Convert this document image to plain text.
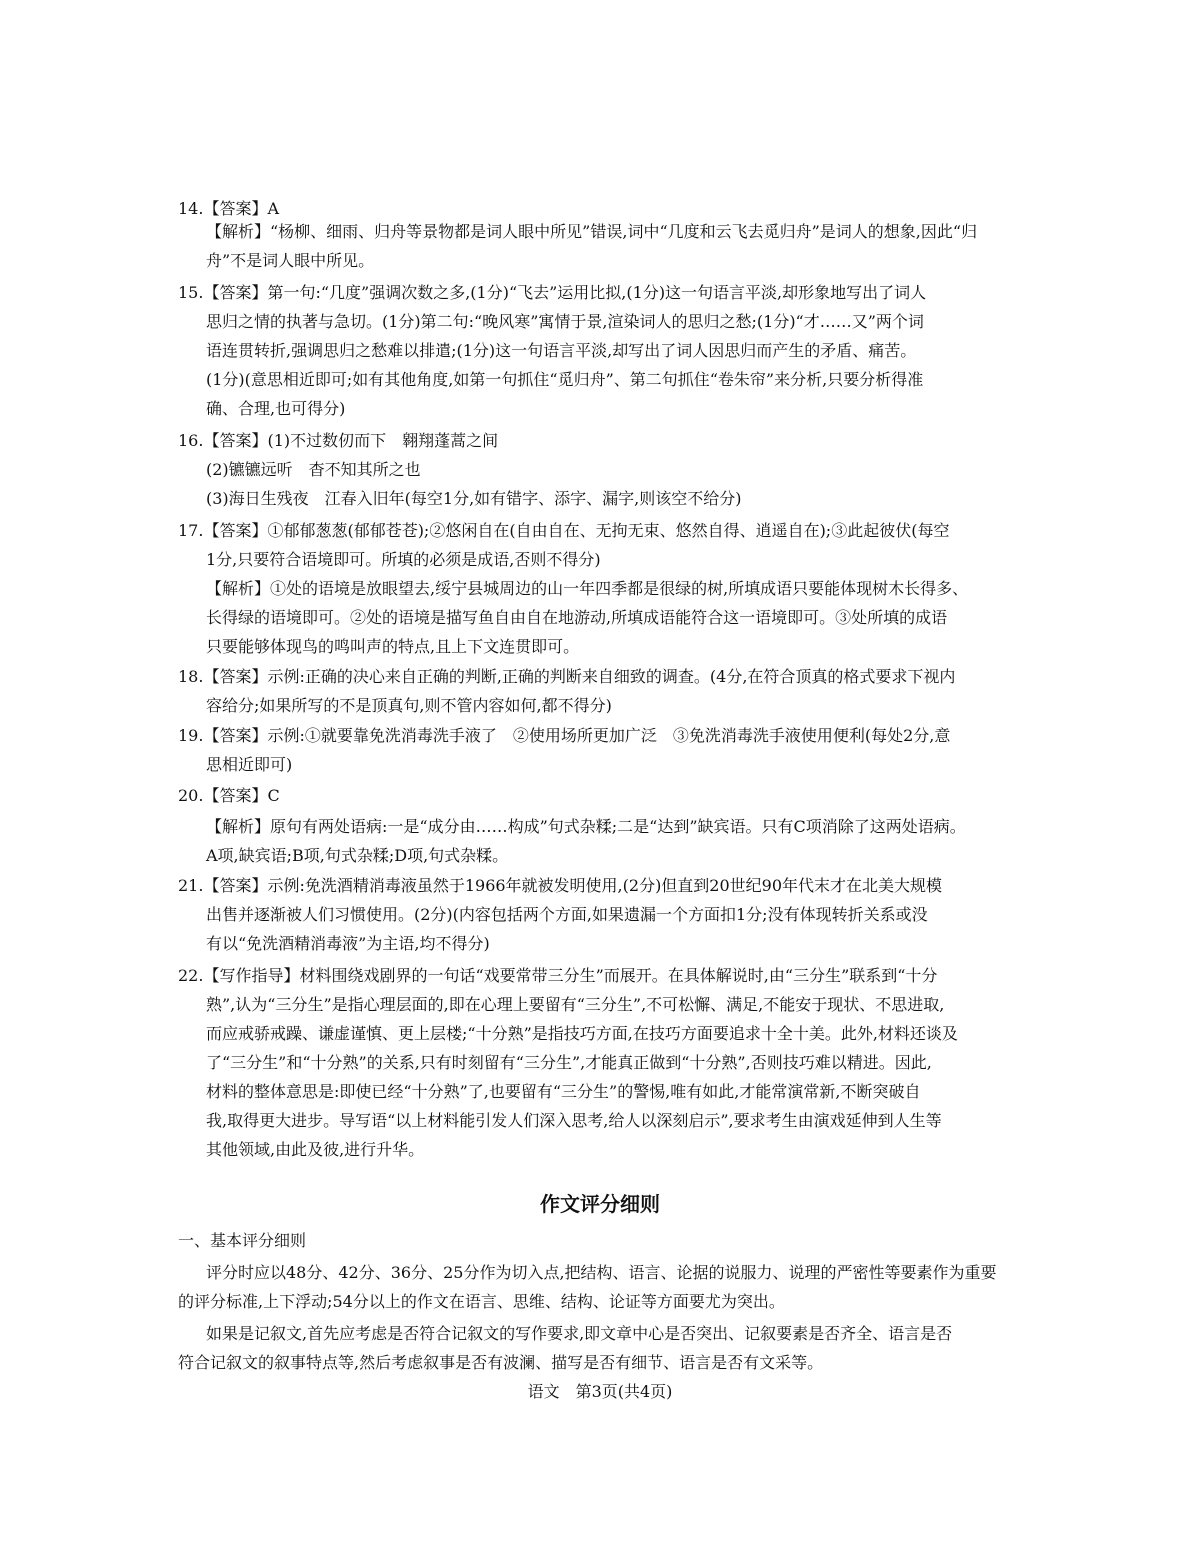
14.【答案】A
【解析】“杨柳、细雨、归舟等景物都是词人眼中所见”错误,词中“几度和云飞去觅归舟”是词人的想象,因此“归
舟”不是词人眼中所见。
15.【答案】第一句:“几度”强调次数之多,(1分)“飞去”运用比拟,(1分)这一句语言平淡,却形象地写出了词人
思归之情的执著与急切。(1分)第二句:“晚风寒”寓情于景,渲染词人的思归之愁;(1分)“才……又”两个词
语连贯转折,强调思归之愁难以排遣;(1分)这一句语言平淡,却写出了词人因思归而产生的矛盾、痛苦。
(1分)(意思相近即可;如有其他角度,如第一句抓住“觅归舟”、第二句抓住“卷朱帘”来分析,只要分析得准
确、合理,也可得分)
16.【答案】(1)不过数仞而下　翱翔蓬蒿之间
(2)镳镳远听　杳不知其所之也
(3)海日生残夜　江春入旧年(每空1分,如有错字、添字、漏字,则该空不给分)
17.【答案】①郁郁葱葱(郁郁苍苍);②悠闲自在(自由自在、无拘无束、悠然自得、逍遥自在);③此起彼伏(每空
1分,只要符合语境即可。所填的必须是成语,否则不得分)
【解析】①处的语境是放眼望去,绥宁县城周边的山一年四季都是很绿的树,所填成语只要能体现树木长得多、
长得绿的语境即可。②处的语境是描写鱼自由自在地游动,所填成语能符合这一语境即可。③处所填的成语
只要能够体现鸟的鸣叫声的特点,且上下文连贯即可。
18.【答案】示例:正确的决心来自正确的判断,正确的判断来自细致的调查。(4分,在符合顶真的格式要求下视内
容给分;如果所写的不是顶真句,则不管内容如何,都不得分)
19.【答案】示例:①就要靠免洗消毒洗手液了　②使用场所更加广泛　③免洗消毒洗手液使用便利(每处2分,意
思相近即可)
20.【答案】C
【解析】原句有两处语病:一是“成分由……构成”句式杂糅;二是“达到”缺宾语。只有C项消除了这两处语病。
A项,缺宾语;B项,句式杂糅;D项,句式杂糅。
21.【答案】示例:免洗酒精消毒液虽然于1966年就被发明使用,(2分)但直到20世纪90年代末才在北美大规模
出售并逐渐被人们习惯使用。(2分)(内容包括两个方面,如果遗漏一个方面扣1分;没有体现转折关系或没
有以“免洗酒精消毒液”为主语,均不得分)
22.【写作指导】材料围绕戏剧界的一句话“戏要常带三分生”而展开。在具体解说时,由“三分生”联系到“十分
熟”,认为“三分生”是指心理层面的,即在心理上要留有“三分生”,不可松懈、满足,不能安于现状、不思进取,
而应戒骄戒躁、谦虚谨慎、更上层楼;“十分熟”是指技巧方面,在技巧方面要追求十全十美。此外,材料还谈及
了“三分生”和“十分熟”的关系,只有时刻留有“三分生”,才能真正做到“十分熟”,否则技巧难以精进。因此,
材料的整体意思是:即使已经“十分熟”了,也要留有“三分生”的警惕,唯有如此,才能常演常新,不断突破自
我,取得更大进步。导写语“以上材料能引发人们深入思考,给人以深刻启示”,要求考生由演戏延伸到人生等
其他领域,由此及彼,进行升华。
一、基本评分细则
评分时应以48分、42分、36分、25分作为切入点,把结构、语言、论据的说服力、说理的严密性等要素作为重要
的评分标准,上下浮动;54分以上的作文在语言、思维、结构、论证等方面要尤为突出。
如果是记叙文,首先应考虑是否符合记叙文的写作要求,即文章中心是否突出、记叙要素是否齐全、语言是否
符合记叙文的叙事特点等,然后考虑叙事是否有波澜、描写是否有细节、语言是否有文采等。
作文评分细则
语文　第3页(共4页)
